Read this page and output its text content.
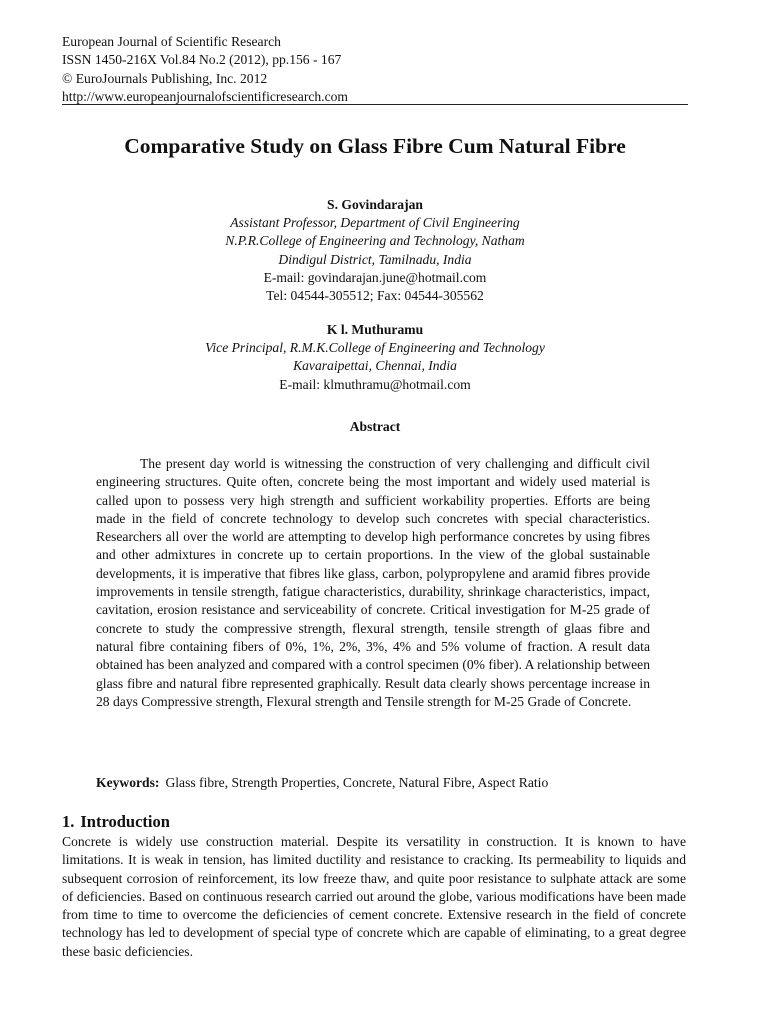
European Journal of Scientific Research
ISSN 1450-216X Vol.84 No.2 (2012), pp.156 - 167
© EuroJournals Publishing, Inc. 2012
http://www.europeanjournalofscientificresearch.com
Comparative Study on Glass Fibre Cum Natural Fibre
S. Govindarajan
Assistant Professor, Department of Civil Engineering
N.P.R.College of Engineering and Technology, Natham
Dindigul District, Tamilnadu, India
E-mail: govindarajan.june@hotmail.com
Tel: 04544-305512; Fax: 04544-305562
K l. Muthuramu
Vice Principal, R.M.K.College of Engineering and Technology
Kavaraipettai, Chennai, India
E-mail: klmuthramu@hotmail.com
Abstract

The present day world is witnessing the construction of very challenging and difficult civil engineering structures. Quite often, concrete being the most important and widely used material is called upon to possess very high strength and sufficient workability properties. Efforts are being made in the field of concrete technology to develop such concretes with special characteristics. Researchers all over the world are attempting to develop high performance concretes by using fibres and other admixtures in concrete up to certain proportions. In the view of the global sustainable developments, it is imperative that fibres like glass, carbon, polypropylene and aramid fibres provide improvements in tensile strength, fatigue characteristics, durability, shrinkage characteristics, impact, cavitation, erosion resistance and serviceability of concrete. Critical investigation for M-25 grade of concrete to study the compressive strength, flexural strength, tensile strength of glaas fibre and natural fibre containing fibers of 0%, 1%, 2%, 3%, 4% and 5% volume of fraction. A result data obtained has been analyzed and compared with a control specimen (0% fiber). A relationship between glass fibre and natural fibre represented graphically. Result data clearly shows percentage increase in 28 days Compressive strength, Flexural strength and Tensile strength for M-25 Grade of Concrete.

Keywords: Glass fibre, Strength Properties, Concrete, Natural Fibre, Aspect Ratio
1. Introduction

Concrete is widely use construction material. Despite its versatility in construction. It is known to have limitations. It is weak in tension, has limited ductility and resistance to cracking. Its permeability to liquids and subsequent corrosion of reinforcement, its low freeze thaw, and quite poor resistance to sulphate attack are some of deficiencies. Based on continuous research carried out around the globe, various modifications have been made from time to time to overcome the deficiencies of cement concrete. Extensive research in the field of concrete technology has led to development of special type of concrete which are capable of eliminating, to a great degree these basic deficiencies.
